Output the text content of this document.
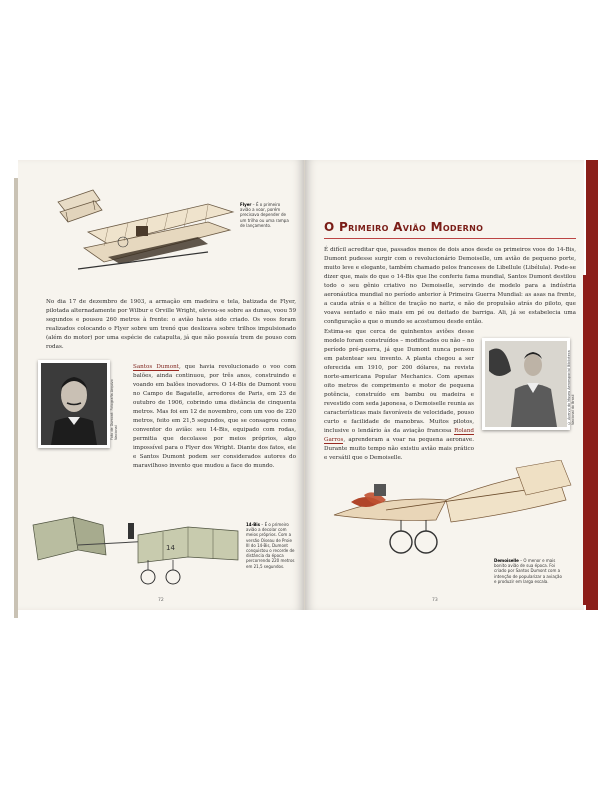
Flyer – É o primeiro avião a voar, porém precisava depender de um trilho ou uma rampa de lançamento.

No dia 17 de dezembro de 1903, a armação em madeira e tela, batizada de Flyer, pilotada alternadamente por Wilbur e Orville Wright, elevou-se sobre as dunas, voou 59 segundos e pousou 260 metros à frente: o avião havia sido criado. Os voos foram realizados colocando o Flyer sobre um trenó que deslizava sobre trilhos impulsionado (além do motor) por uma espécie de catapulta, já que não possuía trem de pouso com rodas.

Foto de Dumont: Fotografia Arquivo Nacional

Santos Dumont, que havia revolucionado o voo com balões, ainda continuou, por três anos, construindo e voando em balões inovadores. O 14-Bis de Dumont voou no Campo de Bagatelle, arredores de Paris, em 23 de outubro de 1906, cobrindo uma distância de cinquenta metros. Mas foi em 12 de novembro, com um voo de 220 metros, feito em 21,5 segundos, que se consagrou como conventor do avião: seu 14-Bis, equipado com rodas, permitia que decolasse por meios próprios, algo impossível para o Flyer dos Wright. Diante dos fatos, ele e Santos Dumont podem ser considerados autores do maravilhoso invento que mudou a face do mundo.

14
14-Bis – É o primeiro avião a decolar com meios próprios. Com a versão Oiseau de Proie III do 14-Bis, Dumont conquistou o recorde de distância da época percorrendo 220 metros em 21,5 segundos.
72
O Primeiro Avião Moderno

É difícil acreditar que, passados menos de dois anos desde os primeiros voos do 14-Bis, Dumont pudesse surgir com o revolucionário Demoiselle, um avião de pequeno porte, muito leve e elegante, também chamado pelos franceses de Libellule (Libélula). Pode-se dizer que, mais do que o 14-Bis que lhe conferiu fama mundial, Santos Dumont destilou todo o seu gênio criativo no Demoiselle, servindo de modelo para a indústria aeronáutica mundial no período anterior à Primeira Guerra Mundial: as asas na frente, a cauda atrás e a hélice de tração no nariz, e não de propulsão atrás do piloto, que voava sentado e não mais em pé ou deitado de barriga. Ali, já se estabelecia uma configuração a que o mundo se acostumou desde então.

Estima-se que cerca de quinhentos aviões desse modelo foram construídos – modificados ou não – no período pré-guerra, já que Dumont nunca pensou em patentear seu invento. A planta chegou a ser oferecida em 1910, por 200 dólares, na revista norte-americana Popular Mechanics. Com apenas oito metros de comprimento e motor de pequena potência, construído em bambu ou madeira e revestido com seda japonesa, o Demoiselle reunia as características mais favoráveis de velocidade, pouso curto e facilidade de manobras. Muitos pilotos, inclusive o lendário às da aviação francesa Roland Garros, aprenderam a voar na pequena aeronave. Durante muito tempo não existiu avião mais prático e versátil que o Demoiselle.

© Acervo do Museu Aeroespacial Biblioteca Nacional do Brasil
Demoiselle – O menor e mais bonito avião de sua época. Foi criado por Santos Dumont com a intenção de popularizar a aviação e produzir em larga escala.
73
